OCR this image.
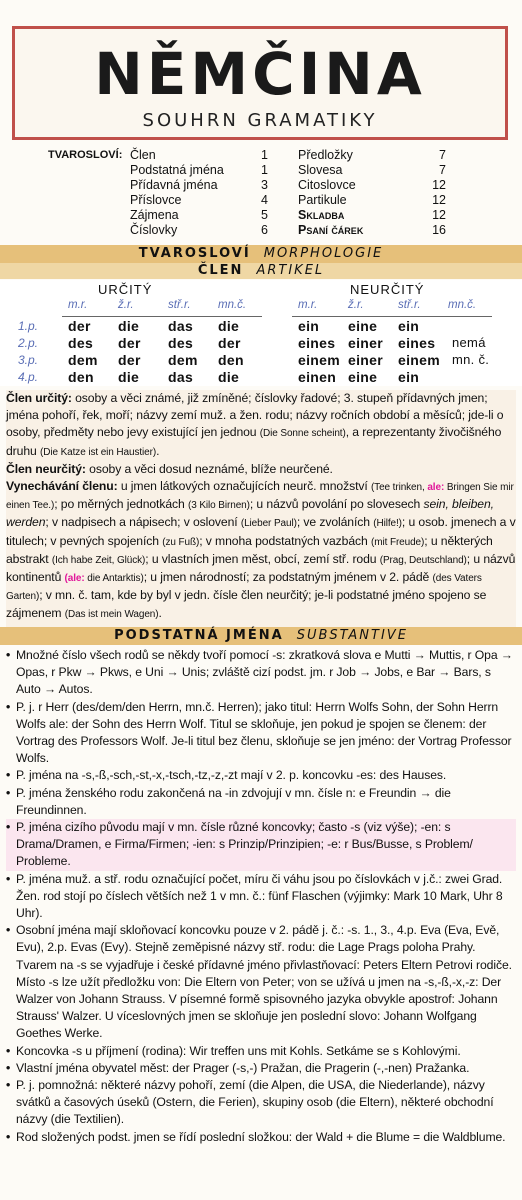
NĚMČINA
SOUHRN GRAMATIKY
TVAROSLOVÍ: Člen	1
Podstatná jména	1
Přídavná jména	3
Příslovce	4
Zájmena	5
Číslovky	6
Předložky	7
Slovesa	7
Citoslovce	12
Partikule	12
Skladba	12
Psaní čárek	16
TVAROSLOVÍ MORPHOLOGIE
ČLEN ARTIKEL
URČITÝ	NEURČITÝ
m.r.	m.r.
ž.r.	ž.r.
stř.r.	stř.r.
mn.č.	mn.č.
1.p. der die das die	ein eine ein
2.p. des der des der	eines einer eines nemá
3.p. dem der dem den	einem einer einem mn. č.
4.p. den die das die	einen eine ein
Člen určitý: osoby a věci známé, již zmíněné; číslovky řadové; 3. stupeň přídavných jmen; jména pohoří, řek, moří; názvy zemí muž. a žen. rodu; názvy ročních období a měsíců; jde-li o osoby, předměty nebo jevy existující jen jednou (Die Sonne scheint), a reprezentanty živočišného druhu (Die Katze ist ein Haustier).
Člen neurčitý: osoby a věci dosud neznámé, blíže neurčené.
Vynechávání členu: u jmen látkových označujících neurč. množství (Tee trinken, ale: Bringen Sie mir einen Tee.); po měrných jednotkách (3 Kilo Birnen); u názvů povolání po slovesech sein, bleiben, werden; v nadpisech a nápisech; v oslovení (Lieber Paul); ve zvoláních (Hilfe!); u osob. jmenech a v titulech; v pevných spojeních (zu Fuß); v mnoha podstatných vazbách (mit Freude); u některých abstrakt (Ich habe Zeit, Glück); u vlastních jmen měst, obcí, zemí stř. rodu (Prag, Deutschland); u názvů kontinentů (ale: die Antarktis); u jmen národností; za podstatným jménem v 2. pádě (des Vaters Garten); v mn. č. tam, kde by byl v jedn. čísle člen neurčitý; je-li podstatné jméno spojeno se zájmenem (Das ist mein Wagen).
PODSTATNÁ JMÉNA SUBSTANTIVE
• Množné číslo všech rodů se někdy tvoří pomocí -s: zkratková slova e Mutti → Muttis, r Opa → Opas, r Pkw → Pkws, e Uni → Unis; zvláště cizí podst. jm. r Job → Jobs, e Bar → Bars, s Auto → Autos.
• P. j. r Herr (des/dem/den Herrn, mn.č. Herren); jako titul: Herrn Wolfs Sohn, der Sohn Herrn Wolfs ale: der Sohn des Herrn Wolf. Titul se skloňuje, jen pokud je spojen se členem: der Vortrag des Professors Wolf. Je-li titul bez členu, skloňuje se jen jméno: der Vortrag Professor Wolfs.
• P. jména na -s,-ß,-sch,-st,-x,-tsch,-tz,-z,-zt mají v 2. p. koncovku -es: des Hauses.
• P. jména ženského rodu zakončená na -in zdvojují v mn. čísle n: e Freundin → die Freundinnen.
• P. jména cizího původu mají v mn. čísle různé koncovky; často -s (viz výše); -en: s Drama/Dramen, e Firma/Firmen; -ien: s Prinzip/Prinzipien; -e: r Bus/Busse, s Problem/ Probleme.
• P. jména muž. a stř. rodu označující počet, míru či váhu jsou po číslovkách v j.č.: zwei Grad. Žen. rod stojí po číslech větších než 1 v mn. č.: fünf Flaschen (výjimky: Mark 10 Mark, Uhr 8 Uhr).
• Osobní jména mají skloňovací koncovku pouze v 2. pádě j. č.: -s. 1., 3., 4.p. Eva (Eva, Evě, Evu), 2.p. Evas (Evy). Stejně zeměpisné názvy stř. rodu: die Lage Prags poloha Prahy. Tvarem na -s se vyjadřuje i české přídavné jméno přivlastňovací: Peters Eltern Petrovi rodiče. Místo -s lze užít předložku von: Die Eltern von Peter; von se užívá u jmen na -s,-ß,-x,-z: Der Walzer von Johann Strauss. V písemné formě spisovného jazyka obvykle apostrof: Johann Strauss' Walzer. U víceslovných jmen se skloňuje jen poslední slovo: Johann Wolfgang Goethes Werke.
• Koncovka -s u příjmení (rodina): Wir treffen uns mit Kohls. Setkáme se s Kohlovými.
• Vlastní jména obyvatel měst: der Prager (-s,-) Pražan, die Pragerin (-,-nen) Pražanka.
• P. j. pomnožná: některé názvy pohoří, zemí (die Alpen, die USA, die Niederlande), názvy svátků a časových úseků (Ostern, die Ferien), skupiny osob (die Eltern), některé obchodní názvy (die Textilien).
• Rod složených podst. jmen se řídí poslední složkou: der Wald + die Blume = die Waldblume.
